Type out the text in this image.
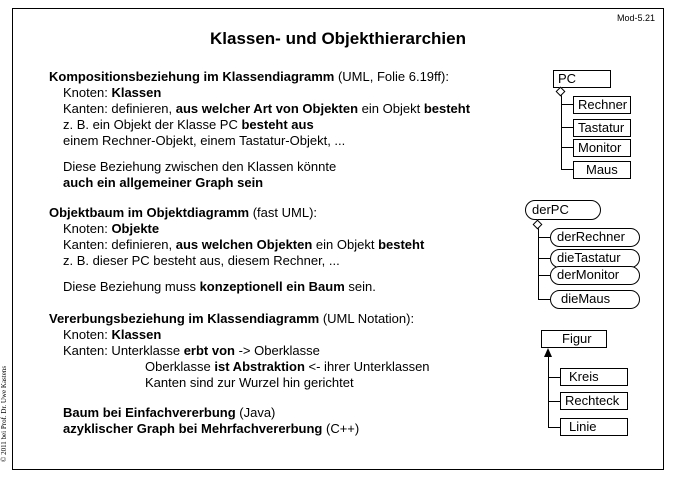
Mod-5.21
Klassen- und Objekthierarchien
Kompositionsbeziehung im Klassendiagramm (UML, Folie 6.19ff):
Knoten: Klassen
Kanten: definieren, aus welcher Art von Objekten ein Objekt besteht
z. B. ein Objekt der Klasse PC besteht aus
einem Rechner-Objekt, einem Tastatur-Objekt, ...
Diese Beziehung zwischen den Klassen könnte
auch ein allgemeiner Graph sein
Objektbaum im Objektdiagramm (fast UML):
Knoten: Objekte
Kanten: definieren, aus welchen Objekten ein Objekt besteht
z. B. dieser PC besteht aus, diesem Rechner, ...
Diese Beziehung muss konzeptionell ein Baum sein.
Vererbungsbeziehung im Klassendiagramm (UML Notation):
Knoten: Klassen
Kanten: Unterklasse erbt von -> Oberklasse
Oberklasse ist Abstraktion <- ihrer Unterklassen
Kanten sind zur Wurzel hin gerichtet
Baum bei Einfachvererbung (Java)
azyklischer Graph bei Mehrfachvererbung (C++)
PC
Rechner
Tastatur
Monitor
Maus
derPC
derRechner
dieTastatur
derMonitor
dieMaus
Figur
Kreis
Rechteck
Linie
© 2011 bei Prof. Dr. Uwe Kastens
